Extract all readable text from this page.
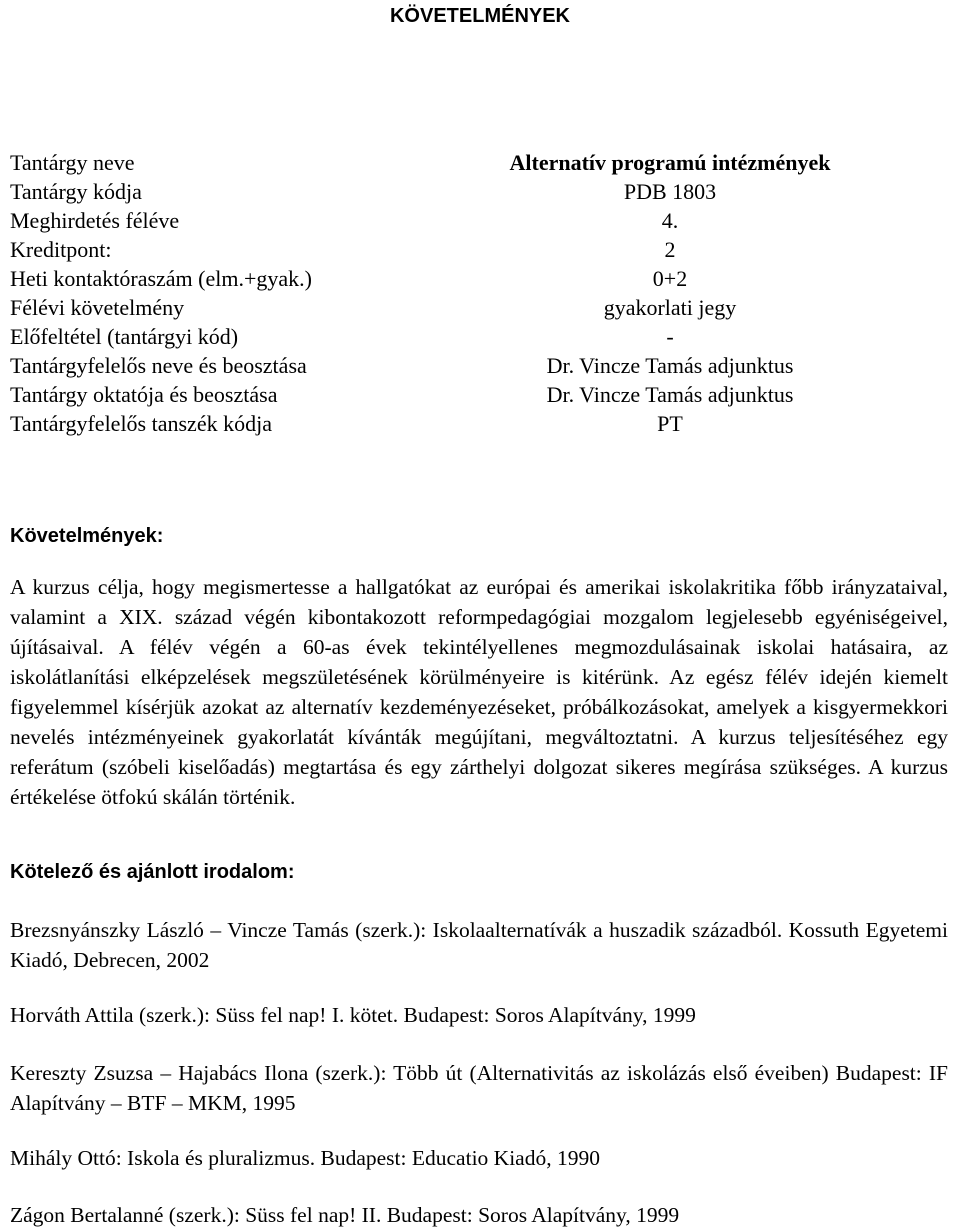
KÖVETELMÉNYEK
Tantárgy neve	Alternatív programú intézmények
Tantárgy kódja	PDB 1803
Meghirdetés féléve	4.
Kreditpont:	2
Heti kontaktóraszám (elm.+gyak.)	0+2
Félévi követelmény	gyakorlati jegy
Előfeltétel (tantárgyi kód)	-
Tantárgyfelelős neve és beosztása	Dr. Vincze Tamás adjunktus
Tantárgy oktatója és beosztása	Dr. Vincze Tamás adjunktus
Tantárgyfelelős tanszék kódja	PT
Követelmények:

A kurzus célja, hogy megismertesse a hallgatókat az európai és amerikai iskolakritika főbb irányzataival, valamint a XIX. század végén kibontakozott reformpedagógiai mozgalom legjelesebb egyéniségeivel, újításaival. A félév végén a 60-as évek tekintélyellenes megmozdulásainak iskolai hatásaira, az iskolátlanítási elképzelések megszületésének körülményeire is kitérünk. Az egész félév idején kiemelt figyelemmel kísérjük azokat az alternatív kezdeményezéseket, próbálkozásokat, amelyek a kisgyermekkori nevelés intézményeinek gyakorlatát kívánták megújítani, megváltoztatni. A kurzus teljesítéséhez egy referátum (szóbeli kiselőadás) megtartása és egy zárthelyi dolgozat sikeres megírása szükséges. A kurzus értékelése ötfokú skálán történik.

Kötelező és ajánlott irodalom:

Brezsnyánszky László – Vincze Tamás (szerk.): Iskolaalternatívák a huszadik századból. Kossuth Egyetemi Kiadó, Debrecen, 2002

Horváth Attila (szerk.): Süss fel nap! I. kötet. Budapest: Soros Alapítvány, 1999

Kereszty Zsuzsa – Hajabács Ilona (szerk.): Több út (Alternativitás az iskolázás első éveiben) Budapest: IF Alapítvány – BTF – MKM, 1995

Mihály Ottó: Iskola és pluralizmus. Budapest: Educatio Kiadó, 1990

Zágon Bertalanné (szerk.): Süss fel nap! II. Budapest: Soros Alapítvány, 1999
